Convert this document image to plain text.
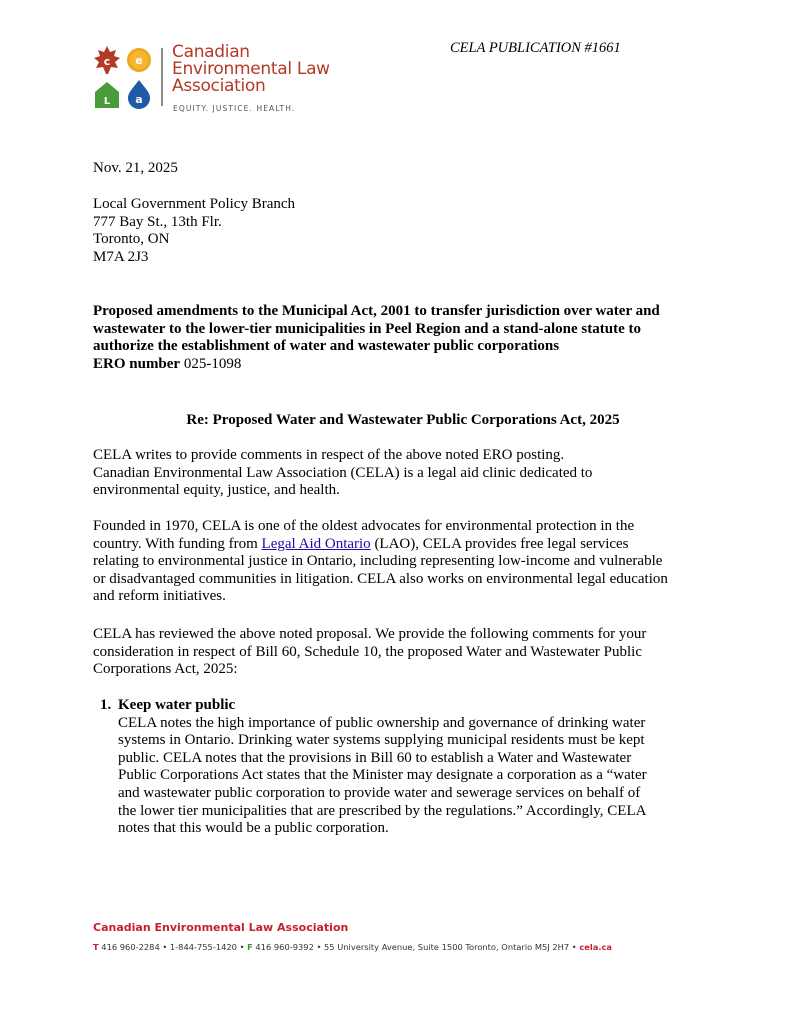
CELA PUBLICATION #1661
c e
L a
Canadian
Environmental Law
Association
EQUITY. JUSTICE. HEALTH.
Nov. 21, 2025
Local Government Policy Branch
777 Bay St., 13th Flr.
Toronto, ON
M7A 2J3
Proposed amendments to the Municipal Act, 2001 to transfer jurisdiction over water and
wastewater to the lower-tier municipalities in Peel Region and a stand-alone statute to
authorize the establishment of water and wastewater public corporations
ERO number 025-1098
Re: Proposed Water and Wastewater Public Corporations Act, 2025
CELA writes to provide comments in respect of the above noted ERO posting.
Canadian Environmental Law Association (CELA) is a legal aid clinic dedicated to
environmental equity, justice, and health.
Founded in 1970, CELA is one of the oldest advocates for environmental protection in the
country. With funding from Legal Aid Ontario (LAO), CELA provides free legal services
relating to environmental justice in Ontario, including representing low-income and vulnerable
or disadvantaged communities in litigation. CELA also works on environmental legal education
and reform initiatives.
CELA has reviewed the above noted proposal. We provide the following comments for your
consideration in respect of Bill 60, Schedule 10, the proposed Water and Wastewater Public
Corporations Act, 2025:
1. Keep water public
CELA notes the high importance of public ownership and governance of drinking water
systems in Ontario. Drinking water systems supplying municipal residents must be kept
public. CELA notes that the provisions in Bill 60 to establish a Water and Wastewater
Public Corporations Act states that the Minister may designate a corporation as a “water
and wastewater public corporation to provide water and sewerage services on behalf of
the lower tier municipalities that are prescribed by the regulations.” Accordingly, CELA
notes that this would be a public corporation.
Canadian Environmental Law Association
T 416 960-2284 • 1-844-755-1420 • F 416 960-9392 • 55 University Avenue, Suite 1500 Toronto, Ontario M5J 2H7 • cela.ca
